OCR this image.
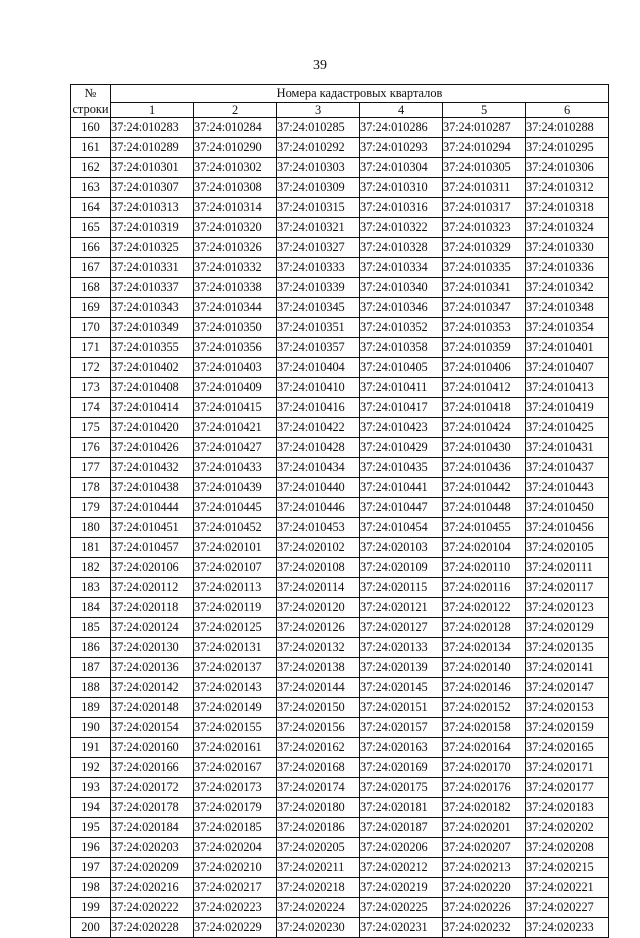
39
№
строки	Номера кадастровых кварталов					
	1	2	3	4	5	6
160	37:24:010283	37:24:010284	37:24:010285	37:24:010286	37:24:010287	37:24:010288
161	37:24:010289	37:24:010290	37:24:010292	37:24:010293	37:24:010294	37:24:010295
162	37:24:010301	37:24:010302	37:24:010303	37:24:010304	37:24:010305	37:24:010306
163	37:24:010307	37:24:010308	37:24:010309	37:24:010310	37:24:010311	37:24:010312
164	37:24:010313	37:24:010314	37:24:010315	37:24:010316	37:24:010317	37:24:010318
165	37:24:010319	37:24:010320	37:24:010321	37:24:010322	37:24:010323	37:24:010324
166	37:24:010325	37:24:010326	37:24:010327	37:24:010328	37:24:010329	37:24:010330
167	37:24:010331	37:24:010332	37:24:010333	37:24:010334	37:24:010335	37:24:010336
168	37:24:010337	37:24:010338	37:24:010339	37:24:010340	37:24:010341	37:24:010342
169	37:24:010343	37:24:010344	37:24:010345	37:24:010346	37:24:010347	37:24:010348
170	37:24:010349	37:24:010350	37:24:010351	37:24:010352	37:24:010353	37:24:010354
171	37:24:010355	37:24:010356	37:24:010357	37:24:010358	37:24:010359	37:24:010401
172	37:24:010402	37:24:010403	37:24:010404	37:24:010405	37:24:010406	37:24:010407
173	37:24:010408	37:24:010409	37:24:010410	37:24:010411	37:24:010412	37:24:010413
174	37:24:010414	37:24:010415	37:24:010416	37:24:010417	37:24:010418	37:24:010419
175	37:24:010420	37:24:010421	37:24:010422	37:24:010423	37:24:010424	37:24:010425
176	37:24:010426	37:24:010427	37:24:010428	37:24:010429	37:24:010430	37:24:010431
177	37:24:010432	37:24:010433	37:24:010434	37:24:010435	37:24:010436	37:24:010437
178	37:24:010438	37:24:010439	37:24:010440	37:24:010441	37:24:010442	37:24:010443
179	37:24:010444	37:24:010445	37:24:010446	37:24:010447	37:24:010448	37:24:010450
180	37:24:010451	37:24:010452	37:24:010453	37:24:010454	37:24:010455	37:24:010456
181	37:24:010457	37:24:020101	37:24:020102	37:24:020103	37:24:020104	37:24:020105
182	37:24:020106	37:24:020107	37:24:020108	37:24:020109	37:24:020110	37:24:020111
183	37:24:020112	37:24:020113	37:24:020114	37:24:020115	37:24:020116	37:24:020117
184	37:24:020118	37:24:020119	37:24:020120	37:24:020121	37:24:020122	37:24:020123
185	37:24:020124	37:24:020125	37:24:020126	37:24:020127	37:24:020128	37:24:020129
186	37:24:020130	37:24:020131	37:24:020132	37:24:020133	37:24:020134	37:24:020135
187	37:24:020136	37:24:020137	37:24:020138	37:24:020139	37:24:020140	37:24:020141
188	37:24:020142	37:24:020143	37:24:020144	37:24:020145	37:24:020146	37:24:020147
189	37:24:020148	37:24:020149	37:24:020150	37:24:020151	37:24:020152	37:24:020153
190	37:24:020154	37:24:020155	37:24:020156	37:24:020157	37:24:020158	37:24:020159
191	37:24:020160	37:24:020161	37:24:020162	37:24:020163	37:24:020164	37:24:020165
192	37:24:020166	37:24:020167	37:24:020168	37:24:020169	37:24:020170	37:24:020171
193	37:24:020172	37:24:020173	37:24:020174	37:24:020175	37:24:020176	37:24:020177
194	37:24:020178	37:24:020179	37:24:020180	37:24:020181	37:24:020182	37:24:020183
195	37:24:020184	37:24:020185	37:24:020186	37:24:020187	37:24:020201	37:24:020202
196	37:24:020203	37:24:020204	37:24:020205	37:24:020206	37:24:020207	37:24:020208
197	37:24:020209	37:24:020210	37:24:020211	37:24:020212	37:24:020213	37:24:020215
198	37:24:020216	37:24:020217	37:24:020218	37:24:020219	37:24:020220	37:24:020221
199	37:24:020222	37:24:020223	37:24:020224	37:24:020225	37:24:020226	37:24:020227
200	37:24:020228	37:24:020229	37:24:020230	37:24:020231	37:24:020232	37:24:020233
